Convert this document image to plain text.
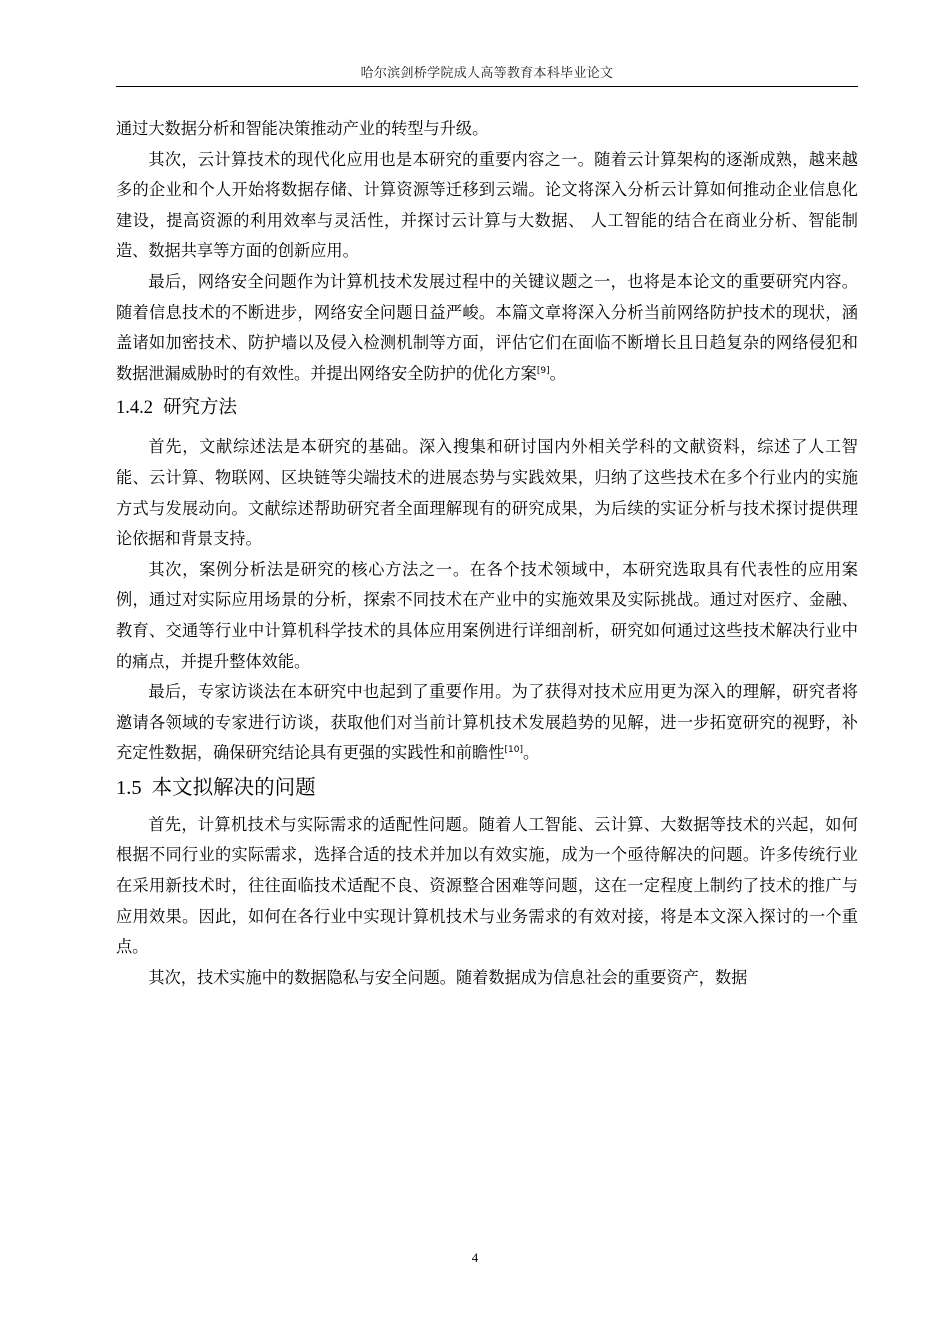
哈尔滨剑桥学院成人高等教育本科毕业论文

通过大数据分析和智能决策推动产业的转型与升级。

其次，云计算技术的现代化应用也是本研究的重要内容之一。随着云计算架构的逐渐成熟，越来越多的企业和个人开始将数据存储、计算资源等迁移到云端。论文将深入分析云计算如何推动企业信息化建设，提高资源的利用效率与灵活性，并探讨云计算与大数据、 人工智能的结合在商业分析、智能制造、数据共享等方面的创新应用。

最后，网络安全问题作为计算机技术发展过程中的关键议题之一，也将是本论文的重要研究内容。随着信息技术的不断进步，网络安全问题日益严峻。本篇文章将深入分析当前网络防护技术的现状，涵盖诸如加密技术、防护墙以及侵入检测机制等方面，评估它们在面临不断增长且日趋复杂的网络侵犯和数据泄漏威胁时的有效性。并提出网络安全防护的优化方案[9]。

1.4.2 研究方法

首先，文献综述法是本研究的基础。深入搜集和研讨国内外相关学科的文献资料，综述了人工智能、云计算、物联网、区块链等尖端技术的进展态势与实践效果，归纳了这些技术在多个行业内的实施方式与发展动向。文献综述帮助研究者全面理解现有的研究成果，为后续的实证分析与技术探讨提供理论依据和背景支持。

其次，案例分析法是研究的核心方法之一。在各个技术领域中，本研究选取具有代表性的应用案例，通过对实际应用场景的分析，探索不同技术在产业中的实施效果及实际挑战。通过对医疗、金融、教育、交通等行业中计算机科学技术的具体应用案例进行详细剖析，研究如何通过这些技术解决行业中的痛点，并提升整体效能。

最后，专家访谈法在本研究中也起到了重要作用。为了获得对技术应用更为深入的理解，研究者将邀请各领域的专家进行访谈，获取他们对当前计算机技术发展趋势的见解，进一步拓宽研究的视野，补充定性数据，确保研究结论具有更强的实践性和前瞻性[10]。

1.5 本文拟解决的问题

首先，计算机技术与实际需求的适配性问题。随着人工智能、云计算、大数据等技术的兴起，如何根据不同行业的实际需求，选择合适的技术并加以有效实施，成为一个亟待解决的问题。许多传统行业在采用新技术时，往往面临技术适配不良、资源整合困难等问题，这在一定程度上制约了技术的推广与应用效果。因此，如何在各行业中实现计算机技术与业务需求的有效对接，将是本文深入探讨的一个重点。

其次，技术实施中的数据隐私与安全问题。随着数据成为信息社会的重要资产，数据

4
